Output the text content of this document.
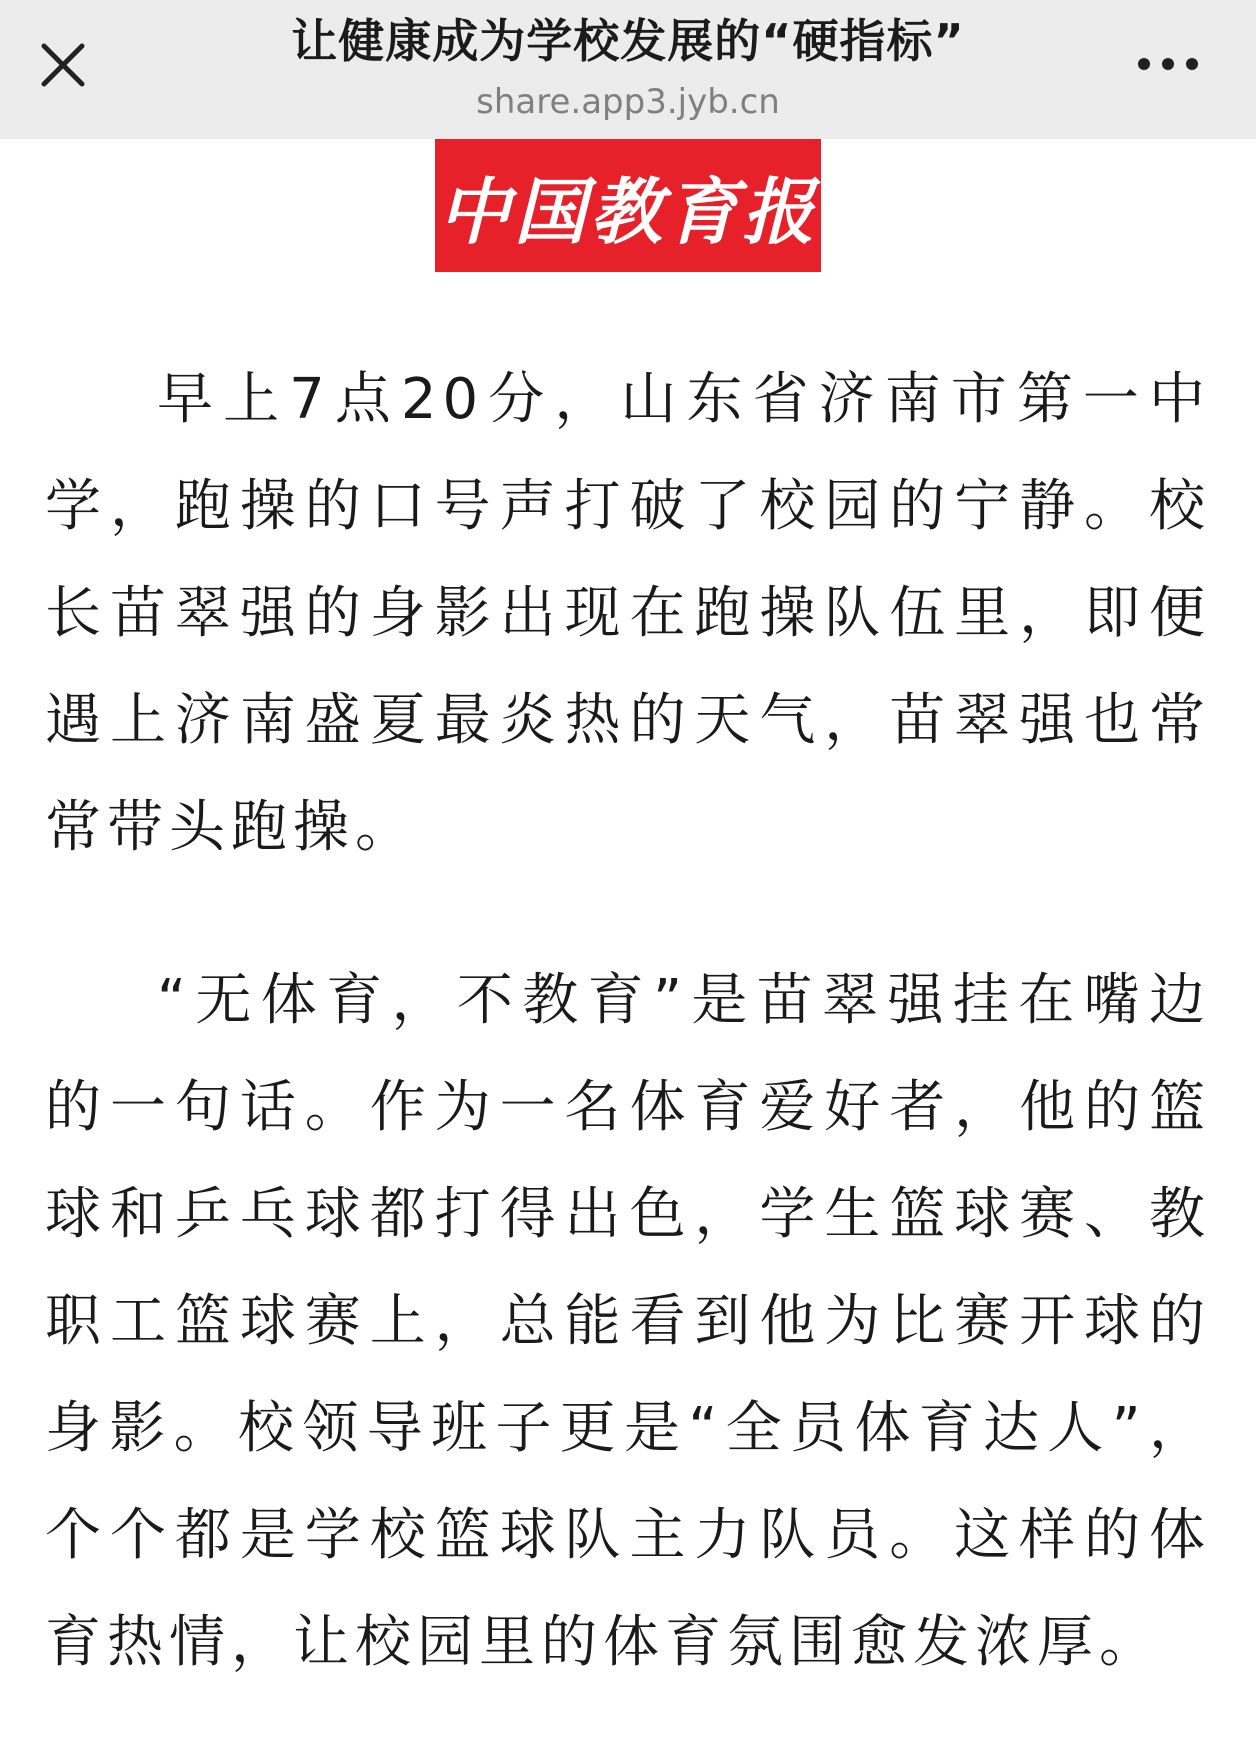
让健康成为学校发展的“硬指标”
share.app3.jyb.cn
中国教育报

早上7点20分，山东省济南市第一中学，跑操的口号声打破了校园的宁静。校长苗翠强的身影出现在跑操队伍里，即便遇上济南盛夏最炎热的天气，苗翠强也常常带头跑操。

“无体育，不教育”是苗翠强挂在嘴边的一句话。作为一名体育爱好者，他的篮球和乒乓球都打得出色，学生篮球赛、教职工篮球赛上，总能看到他为比赛开球的身影。校领导班子更是“全员体育达人”，个个都是学校篮球队主力队员。这样的体育热情，让校园里的体育氛围愈发浓厚。
